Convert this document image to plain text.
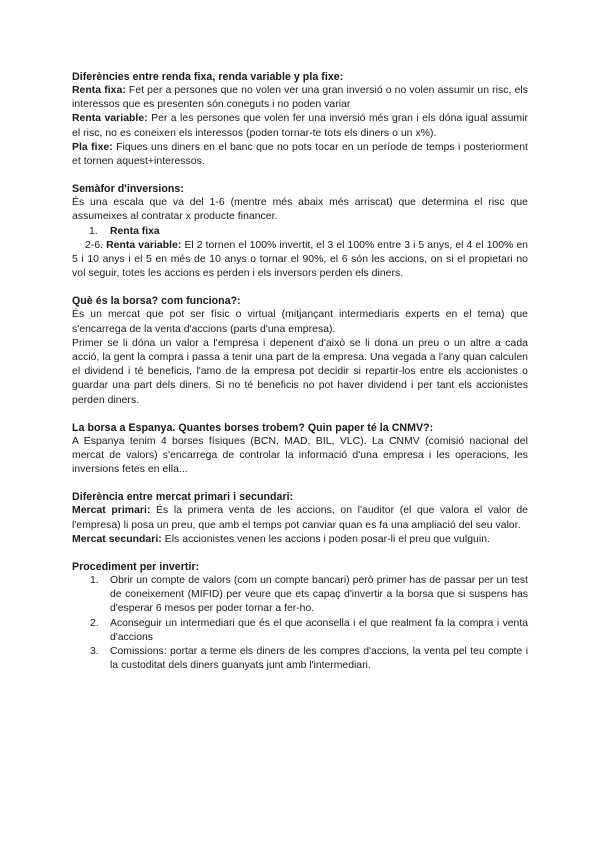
Diferències entre renda fixa, renda variable y pla fixe:

Renta fixa: Fet per a persones que no volen ver una gran inversió o no volen assumir un risc, els interessos que es presenten són coneguts i no poden variar

Renta variable: Per a les persones que volen fer una inversió més gran i els dóna igual assumir el risc, no es coneixen els interessos (poden tornar-te tots els diners o un x%).

Pla fixe: Fiques uns diners en el banc que no pots tocar en un període de temps i posteriorment et tornen aquest+interessos.

Semàfor d'inversions:

És una escala que va del 1-6 (mentre més abaix més arriscat) que determina el risc que assumeixes al contratar x producte financer.

1.	Renta fixa

2-6. Renta variable: El 2 tornen el 100% invertit, el 3 el 100% entre 3 i 5 anys, el 4 el 100% en 5 i 10 anys i el 5 en més de 10 anys o tornar el 90%, el 6 són les accions, on si el propietari no vol seguir, totes les accions es perden i els inversors perden els diners.

Què és la borsa? com funciona?:

És un mercat que pot ser físic o virtual (mitjançant intermediaris experts en el tema) que s'encarrega de la venta d'accions (parts d'una empresa).

Primer se li dóna un valor a l'empresa i depenent d'això se li dona un preu o un altre a cada acció, la gent la compra i passa a tenir una part de la empresa. Una vegada a l'any quan calculen el dividend i té beneficis, l'amo de la empresa pot decidir si repartir-los entre els accionistes o guardar una part dels diners. Si no té beneficis no pot haver dividend i per tant els accionistes perden diners.

La borsa a Espanya. Quantes borses trobem? Quin paper té la CNMV?:

A Espanya tenim 4 borses físiques (BCN, MAD, BIL, VLC). La CNMV (comisió nacional del mercat de valors) s'encarrega de controlar la informació d'una empresa i les operacions, les inversions fetes en ella...

Diferència entre mercat primari i secundari:

Mercat primari: És la primera venta de les accions, on l'auditor (el que valora el valor de l'empresa) li posa un preu, que amb el temps pot canviar quan es fa una ampliació del seu valor.

Mercat secundari: Els accionistes venen les accions i poden posar-li el preu que vulguin.

Procediment per invertir:

1.	Obrir un compte de valors (com un compte bancari) però primer has de passar per un test de coneixement (MIFID) per veure que ets capaç d'invertir a la borsa que si suspens has d'esperar 6 mesos per poder tornar a fer-ho.
2.	Aconseguir un intermediari que és el que aconsella i el que realment fa la compra i venta d'accions
3.	Comissions: portar a terme els diners de les compres d'accions, la venta pel teu compte i la custoditat dels diners guanyats junt amb l'intermediari.
